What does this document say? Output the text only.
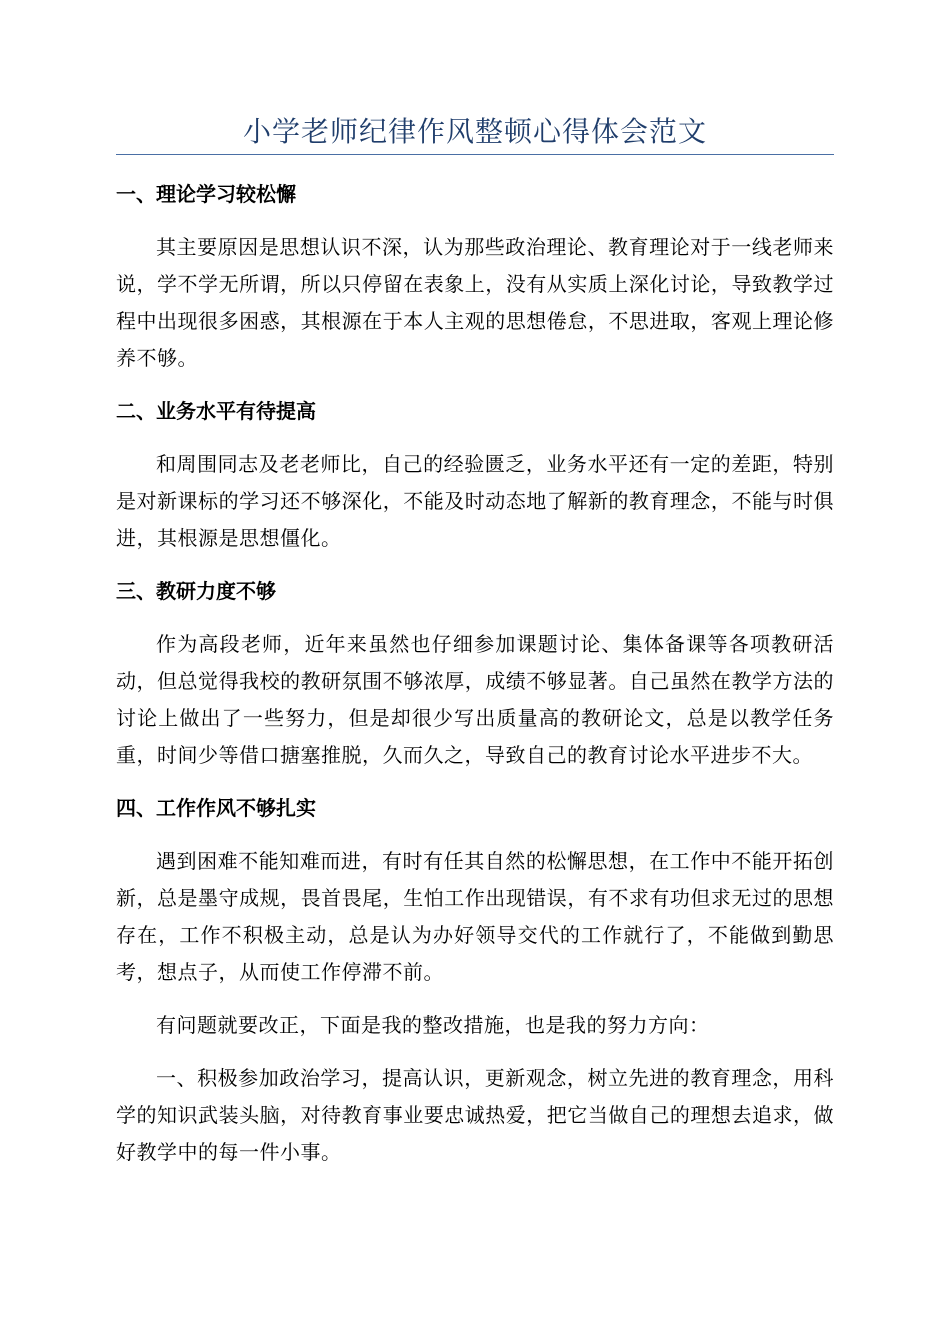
小学老师纪律作风整顿心得体会范文
一、理论学习较松懈

其主要原因是思想认识不深，认为那些政治理论、教育理论对于一线老师来说，学不学无所谓，所以只停留在表象上，没有从实质上深化讨论，导致教学过程中出现很多困惑，其根源在于本人主观的思想倦怠，不思进取，客观上理论修养不够。

二、业务水平有待提高

和周围同志及老老师比，自己的经验匮乏，业务水平还有一定的差距，特别是对新课标的学习还不够深化，不能及时动态地了解新的教育理念，不能与时俱进，其根源是思想僵化。

三、教研力度不够

作为高段老师，近年来虽然也仔细参加课题讨论、集体备课等各项教研活动，但总觉得我校的教研氛围不够浓厚，成绩不够显著。自己虽然在教学方法的讨论上做出了一些努力，但是却很少写出质量高的教研论文，总是以教学任务重，时间少等借口搪塞推脱，久而久之，导致自己的教育讨论水平进步不大。

四、工作作风不够扎实

遇到困难不能知难而进，有时有任其自然的松懈思想，在工作中不能开拓创新，总是墨守成规，畏首畏尾，生怕工作出现错误，有不求有功但求无过的思想存在，工作不积极主动，总是认为办好领导交代的工作就行了，不能做到勤思考，想点子，从而使工作停滞不前。

有问题就要改正，下面是我的整改措施，也是我的努力方向：

一、积极参加政治学习，提高认识，更新观念，树立先进的教育理念，用科学的知识武装头脑，对待教育事业要忠诚热爱，把它当做自己的理想去追求，做好教学中的每一件小事。
